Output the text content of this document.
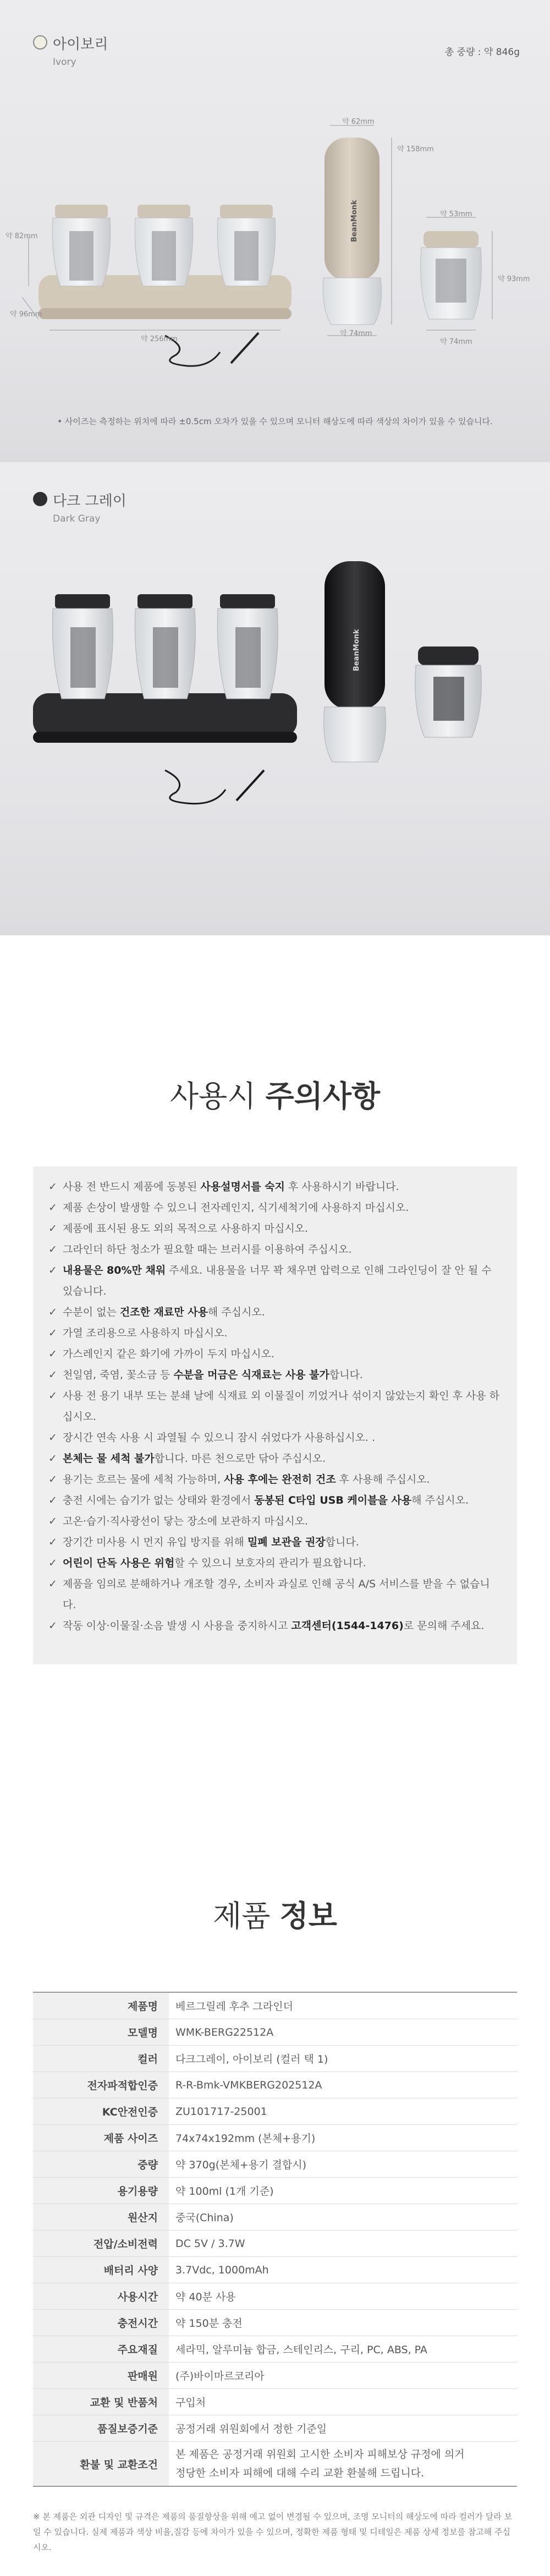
아이보리
Ivory
총 중량 : 약 846g
BeanMonk
약 62mm
약 158mm
약 53mm
약 93mm
약 82mm
약 96mm
약 256mm
약 74mm
약 74mm
• 사이즈는 측정하는 위치에 따라 ±0.5cm 오차가 있을 수 있으며 모니터 해상도에 따라 색상의 차이가 있을 수 있습니다.
다크 그레이
Dark Gray
BeanMonk
사용시 주의사항
✓ 사용 전 반드시 제품에 동봉된 사용설명서를 숙지 후 사용하시기 바랍니다.
✓ 제품 손상이 발생할 수 있으니 전자레인지, 식기세척기에 사용하지 마십시오.
✓ 제품에 표시된 용도 외의 목적으로 사용하지 마십시오.
✓ 그라인더 하단 청소가 필요할 때는 브러시를 이용하여 주십시오.
✓ 내용물은 80%만 채워 주세요. 내용물을 너무 꽉 채우면 압력으로 인해 그라인딩이 잘 안 될 수 있습니다.
✓ 수분이 없는 건조한 재료만 사용해 주십시오.
✓ 가열 조리용으로 사용하지 마십시오.
✓ 가스레인지 같은 화기에 가까이 두지 마십시오.
✓ 천일염, 죽염, 꽃소금 등 수분을 머금은 식재료는 사용 불가합니다.
✓ 사용 전 용기 내부 또는 분쇄 날에 식재료 외 이물질이 끼었거나 섞이지 않았는지 확인 후 사용 하십시오.
✓ 장시간 연속 사용 시 과열될 수 있으니 잠시 쉬었다가 사용하십시오. .
✓ 본체는 물 세척 불가합니다. 마른 천으로만 닦아 주십시오.
✓ 용기는 흐르는 물에 세척 가능하며, 사용 후에는 완전히 건조 후 사용해 주십시오.
✓ 충전 시에는 습기가 없는 상태와 환경에서 동봉된 C타입 USB 케이블을 사용해 주십시오.
✓ 고온·습기·직사광선이 닿는 장소에 보관하지 마십시오.
✓ 장기간 미사용 시 먼지 유입 방지를 위해 밀폐 보관을 권장합니다.
✓ 어린이 단독 사용은 위험할 수 있으니 보호자의 관리가 필요합니다.
✓ 제품을 임의로 분해하거나 개조할 경우, 소비자 과실로 인해 공식 A/S 서비스를 받을 수 없습니다.
✓ 작동 이상·이물질·소음 발생 시 사용을 중지하시고 고객센터(1544-1476)로 문의해 주세요.
제품 정보
제품명	베르그릴레 후추 그라인더
모델명	WMK-BERG22512A
컬러	다크그레이, 아이보리 (컬러 택 1)
전자파적합인증	R-R-Bmk-VMKBERG202512A
KC안전인증	ZU101717-25001
제품 사이즈	74x74x192mm (본체+용기)
중량	약 370g(본체+용기 결합시)
용기용량	약 100ml (1개 기준)
원산지	중국(China)
전압/소비전력	DC 5V / 3.7W
배터리 사양	3.7Vdc, 1000mAh
사용시간	약 40분 사용
충전시간	약 150분 충전
주요재질	세라믹, 알루미늄 합금, 스테인리스, 구리, PC, ABS, PA
판매원	(주)바이마르코리아
교환 및 반품처	구입처
품질보증기준	공정거래 위원회에서 정한 기준일
환불 및 교환조건	본 제품은 공정거래 위원회 고시한 소비자 피해보상 규정에 의거
정당한 소비자 피해에 대해 수리 교환 환불해 드립니다.
※ 본 제품은 외관 디자인 및 규격은 제품의 품질향상을 위해 예고 없이 변경될 수 있으며, 조명 모니터의 해상도에 따라 컬러가 달라 보일 수 있습니다. 실제 제품과 색상 비율,질감 등에 차이가 있을 수 있으며, 정확한 제품 형태 및 디테일은 제품 상세 정보를 참고해 주십시오.
